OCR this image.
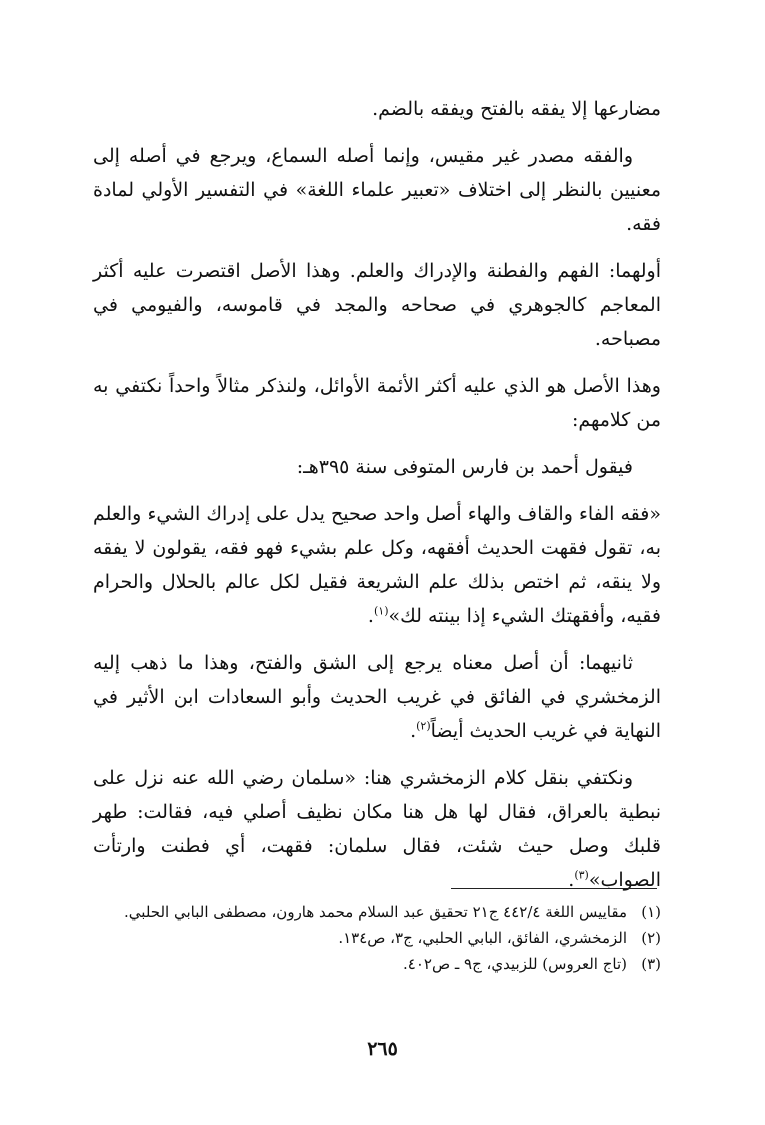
مضارعها إلا يفقه بالفتح ويفقه بالضم.

والفقه مصدر غير مقيس، وإنما أصله السماع، ويرجع في أصله إلى معنيين بالنظر إلى اختلاف «تعبير علماء اللغة» في التفسير الأولي لمادة فقه.

أولهما: الفهم والفطنة والإدراك والعلم. وهذا الأصل اقتصرت عليه أكثر المعاجم كالجوهري في صحاحه والمجد في قاموسه، والفيومي في مصباحه.

وهذا الأصل هو الذي عليه أكثر الأئمة الأوائل، ولنذكر مثالاً واحداً نكتفي به من كلامهم:

فيقول أحمد بن فارس المتوفى سنة ٣٩٥هـ:

«فقه الفاء والقاف والهاء أصل واحد صحيح يدل على إدراك الشيء والعلم به، تقول فقهت الحديث أفقهه، وكل علم بشيء فهو فقه، يقولون لا يفقه ولا ينقه، ثم اختص بذلك علم الشريعة فقيل لكل عالم بالحلال والحرام فقيه، وأفقهتك الشيء إذا بينته لك»$^{(١)}$.

ثانيهما: أن أصل معناه يرجع إلى الشق والفتح، وهذا ما ذهب إليه الزمخشري في الفائق في غريب الحديث وأبو السعادات ابن الأثير في النهاية في غريب الحديث أيضاً$^{(٢)}$.

ونكتفي بنقل كلام الزمخشري هنا: «سلمان رضي الله عنه نزل على نبطية بالعراق، فقال لها هل هنا مكان نظيف أصلي فيه، فقالت: طهر قلبك وصل حيث شئت، فقال سلمان: فقهت، أي فطنت وارتأت الصواب»$^{(٣)}$.

(١)
مقاييس اللغة ٤٤٢/٤ ج٢١ تحقيق عبد السلام محمد هارون، مصطفى البابي الحلبي.
(٢)
الزمخشري، الفائق، البابي الحلبي، ج٣، ص١٣٤.
(٣)
(تاج العروس) للزبيدي، ج٩ ـ ص٤٠٢.
٢٦٥
